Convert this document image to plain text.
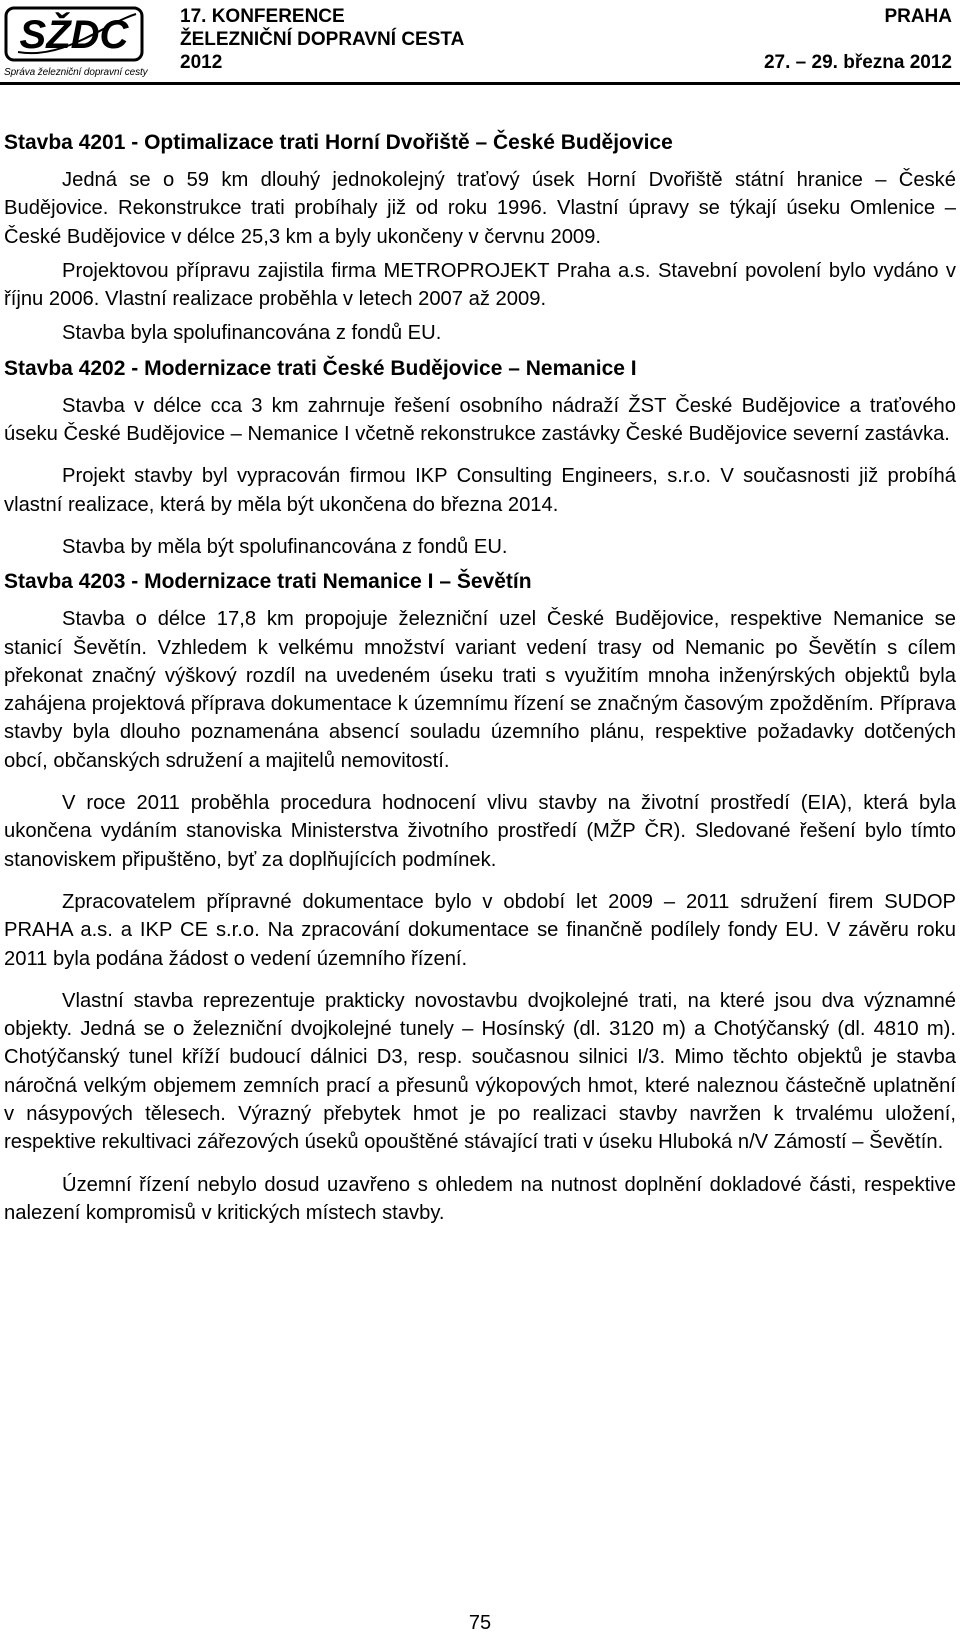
SŽDC
Správa železniční dopravní cesty
17. KONFERENCE
ŽELEZNIČNÍ DOPRAVNÍ CESTA
2012
PRAHA

27. – 29. března 2012
Stavba 4201 - Optimalizace trati Horní Dvořiště – České Budějovice

Jedná se o 59 km dlouhý jednokolejný traťový úsek Horní Dvořiště státní hranice – České Budějovice. Rekonstrukce trati probíhaly již od roku 1996. Vlastní úpravy se týkají úseku Omlenice – České Budějovice v délce 25,3 km a byly ukončeny v červnu 2009.

Projektovou přípravu zajistila firma METROPROJEKT Praha a.s. Stavební povolení bylo vydáno v říjnu 2006. Vlastní realizace proběhla v letech 2007 až 2009.

Stavba byla spolufinancována z fondů EU.

Stavba 4202 - Modernizace trati České Budějovice – Nemanice I

Stavba v délce cca 3 km zahrnuje řešení osobního nádraží ŽST České Budějovice a traťového úseku České Budějovice – Nemanice I včetně rekonstrukce zastávky České Budějovice severní zastávka.

Projekt stavby byl vypracován firmou IKP Consulting Engineers, s.r.o. V současnosti již probíhá vlastní realizace, která by měla být ukončena do března 2014.

Stavba by měla být spolufinancována z fondů EU.

Stavba 4203 - Modernizace trati Nemanice I – Ševětín

Stavba o délce 17,8 km propojuje železniční uzel České Budějovice, respektive Nemanice se stanicí Ševětín. Vzhledem k velkému množství variant vedení trasy od Nemanic po Ševětín s cílem překonat značný výškový rozdíl na uvedeném úseku trati s využitím mnoha inženýrských objektů byla zahájena projektová příprava dokumentace k územnímu řízení se značným časovým zpožděním. Příprava stavby byla dlouho poznamenána absencí souladu územního plánu, respektive požadavky dotčených obcí, občanských sdružení a majitelů nemovitostí.

V roce 2011 proběhla procedura hodnocení vlivu stavby na životní prostředí (EIA), která byla ukončena vydáním stanoviska Ministerstva životního prostředí (MŽP ČR). Sledované řešení bylo tímto stanoviskem připuštěno, byť za doplňujících podmínek.

Zpracovatelem přípravné dokumentace bylo v období let 2009 – 2011 sdružení firem SUDOP PRAHA a.s. a IKP CE s.r.o. Na zpracování dokumentace se finančně podílely fondy EU. V závěru roku 2011 byla podána žádost o vedení územního řízení.

Vlastní stavba reprezentuje prakticky novostavbu dvojkolejné trati, na které jsou dva významné objekty. Jedná se o železniční dvojkolejné tunely – Hosínský (dl. 3120 m) a Chotýčanský (dl. 4810 m). Chotýčanský tunel kříží budoucí dálnici D3, resp. současnou silnici I/3. Mimo těchto objektů je stavba náročná velkým objemem zemních prací a přesunů výkopových hmot, které naleznou částečně uplatnění v násypových tělesech. Výrazný přebytek hmot je po realizaci stavby navržen k trvalému uložení, respektive rekultivaci zářezových úseků opouštěné stávající trati v úseku Hluboká n/V Zámostí – Ševětín.

Územní řízení nebylo dosud uzavřeno s ohledem na nutnost doplnění dokladové části, respektive nalezení kompromisů v kritických místech stavby.

75
